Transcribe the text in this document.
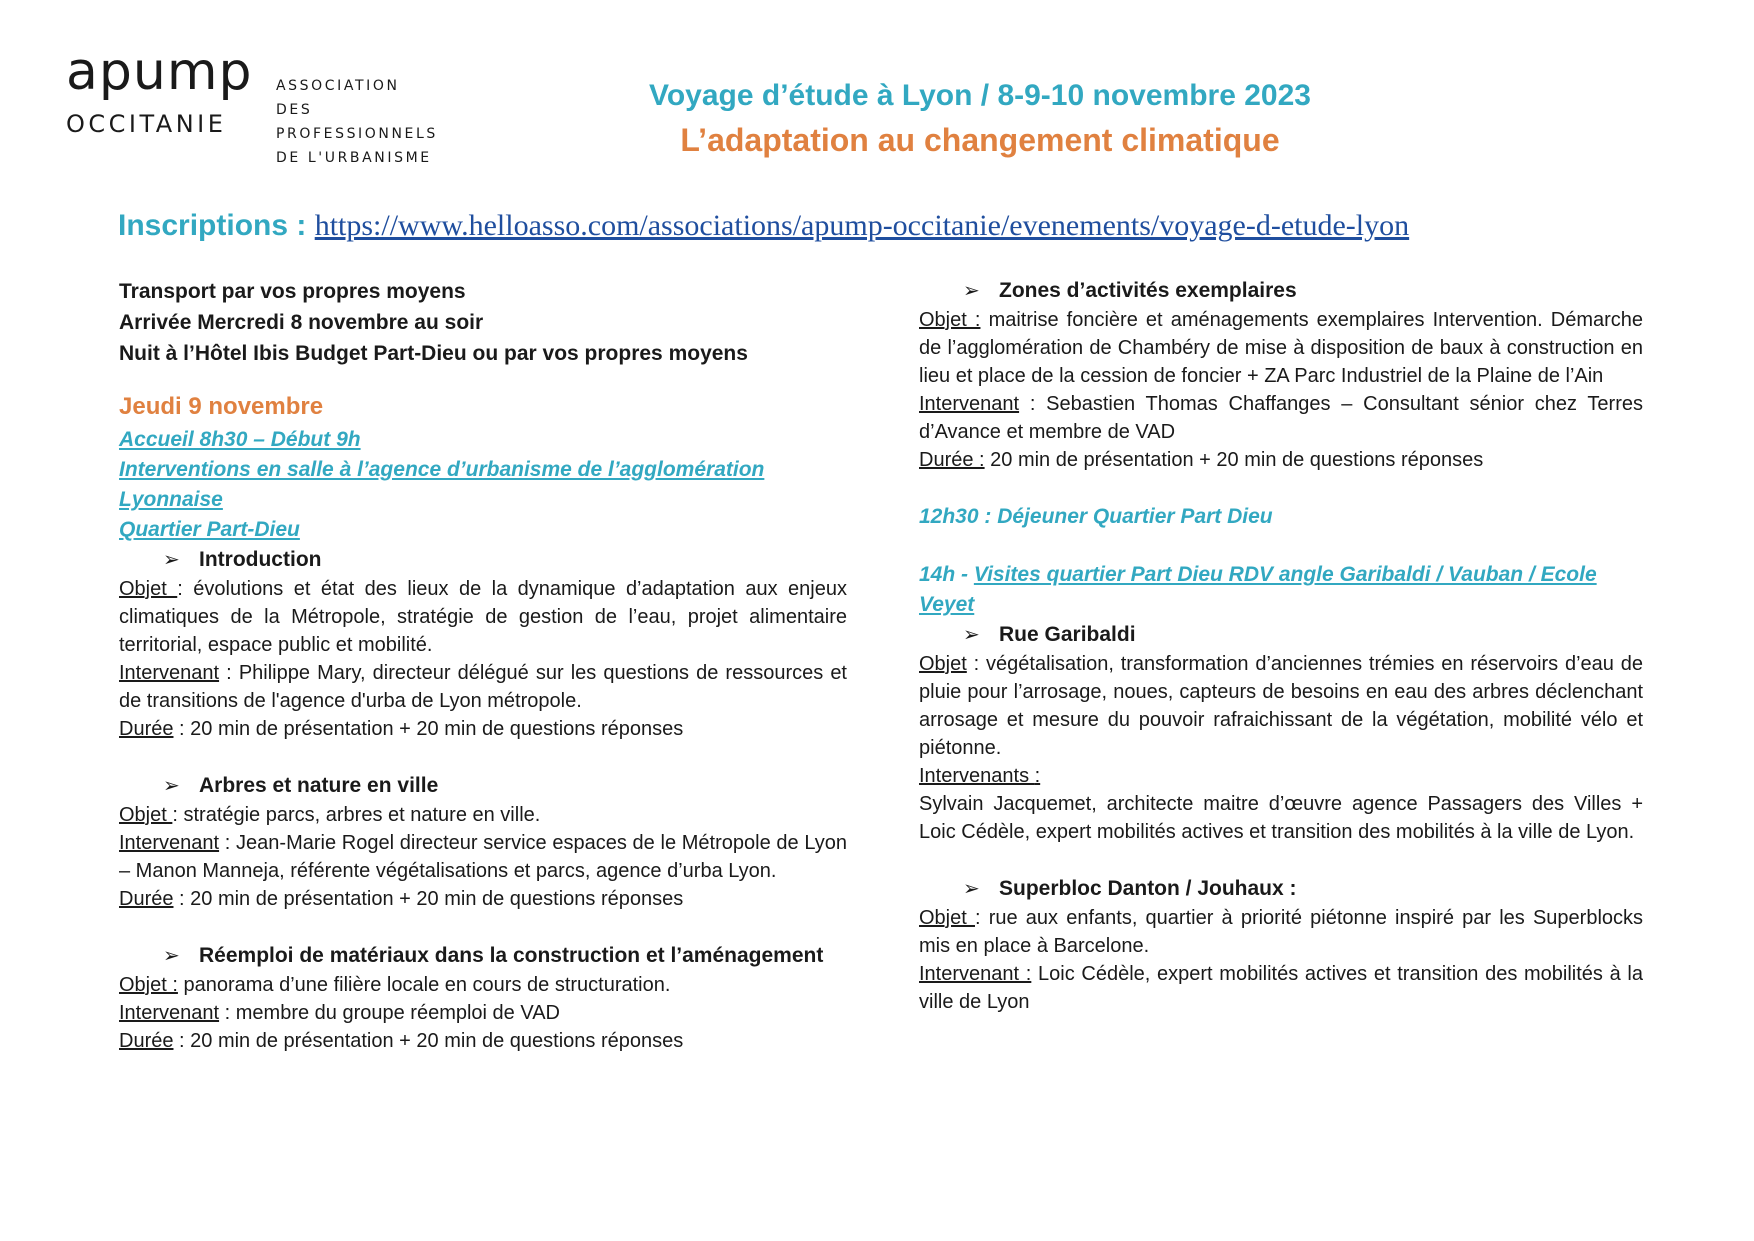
apump
OCCITANIE
ASSOCIATION
DES PROFESSIONNELS
DE L'URBANISME
Voyage d’étude à Lyon / 8-9-10 novembre 2023
L’adaptation au changement climatique
Inscriptions : https://www.helloasso.com/associations/apump-occitanie/evenements/voyage-d-etude-lyon
Transport par vos propres moyens
Arrivée Mercredi 8 novembre au soir
Nuit à l’Hôtel Ibis Budget Part-Dieu ou par vos propres moyens
Jeudi 9 novembre
Accueil 8h30 – Début 9h
Interventions en salle à l’agence d’urbanisme de l’agglomération Lyonnaise
Quartier Part-Dieu
➢ Introduction
Objet : évolutions et état des lieux de la dynamique d’adaptation aux enjeux climatiques de la Métropole, stratégie de gestion de l’eau, projet alimentaire territorial, espace public et mobilité.
Intervenant : Philippe Mary, directeur délégué sur les questions de ressources et de transitions de l'agence d'urba de Lyon métropole.
Durée : 20 min de présentation + 20 min de questions réponses
➢ Arbres et nature en ville
Objet : stratégie parcs, arbres et nature en ville.
Intervenant : Jean-Marie Rogel directeur service espaces de le Métropole de Lyon – Manon Manneja, référente végétalisations et parcs, agence d’urba Lyon.
Durée : 20 min de présentation + 20 min de questions réponses
➢ Réemploi de matériaux dans la construction et l’aménagement
Objet : panorama d’une filière locale en cours de structuration.
Intervenant : membre du groupe réemploi de VAD
Durée : 20 min de présentation + 20 min de questions réponses
➢ Zones d’activités exemplaires
Objet : maitrise foncière et aménagements exemplaires Intervention. Démarche de l’agglomération de Chambéry de mise à disposition de baux à construction en lieu et place de la cession de foncier + ZA Parc Industriel de la Plaine de l’Ain
Intervenant : Sebastien Thomas Chaffanges – Consultant sénior chez Terres d’Avance et membre de VAD
Durée : 20 min de présentation + 20 min de questions réponses
12h30 : Déjeuner Quartier Part Dieu
14h - Visites quartier Part Dieu RDV angle Garibaldi / Vauban / Ecole Veyet
➢ Rue Garibaldi
Objet : végétalisation, transformation d’anciennes trémies en réservoirs d’eau de pluie pour l’arrosage, noues, capteurs de besoins en eau des arbres déclenchant arrosage et mesure du pouvoir rafraichissant de la végétation, mobilité vélo et piétonne.
Intervenants :
Sylvain Jacquemet, architecte maitre d’œuvre agence Passagers des Villes + Loic Cédèle, expert mobilités actives et transition des mobilités à la ville de Lyon.
➢ Superbloc Danton / Jouhaux :
Objet : rue aux enfants, quartier à priorité piétonne inspiré par les Superblocks mis en place à Barcelone.
Intervenant : Loic Cédèle, expert mobilités actives et transition des mobilités à la ville de Lyon
